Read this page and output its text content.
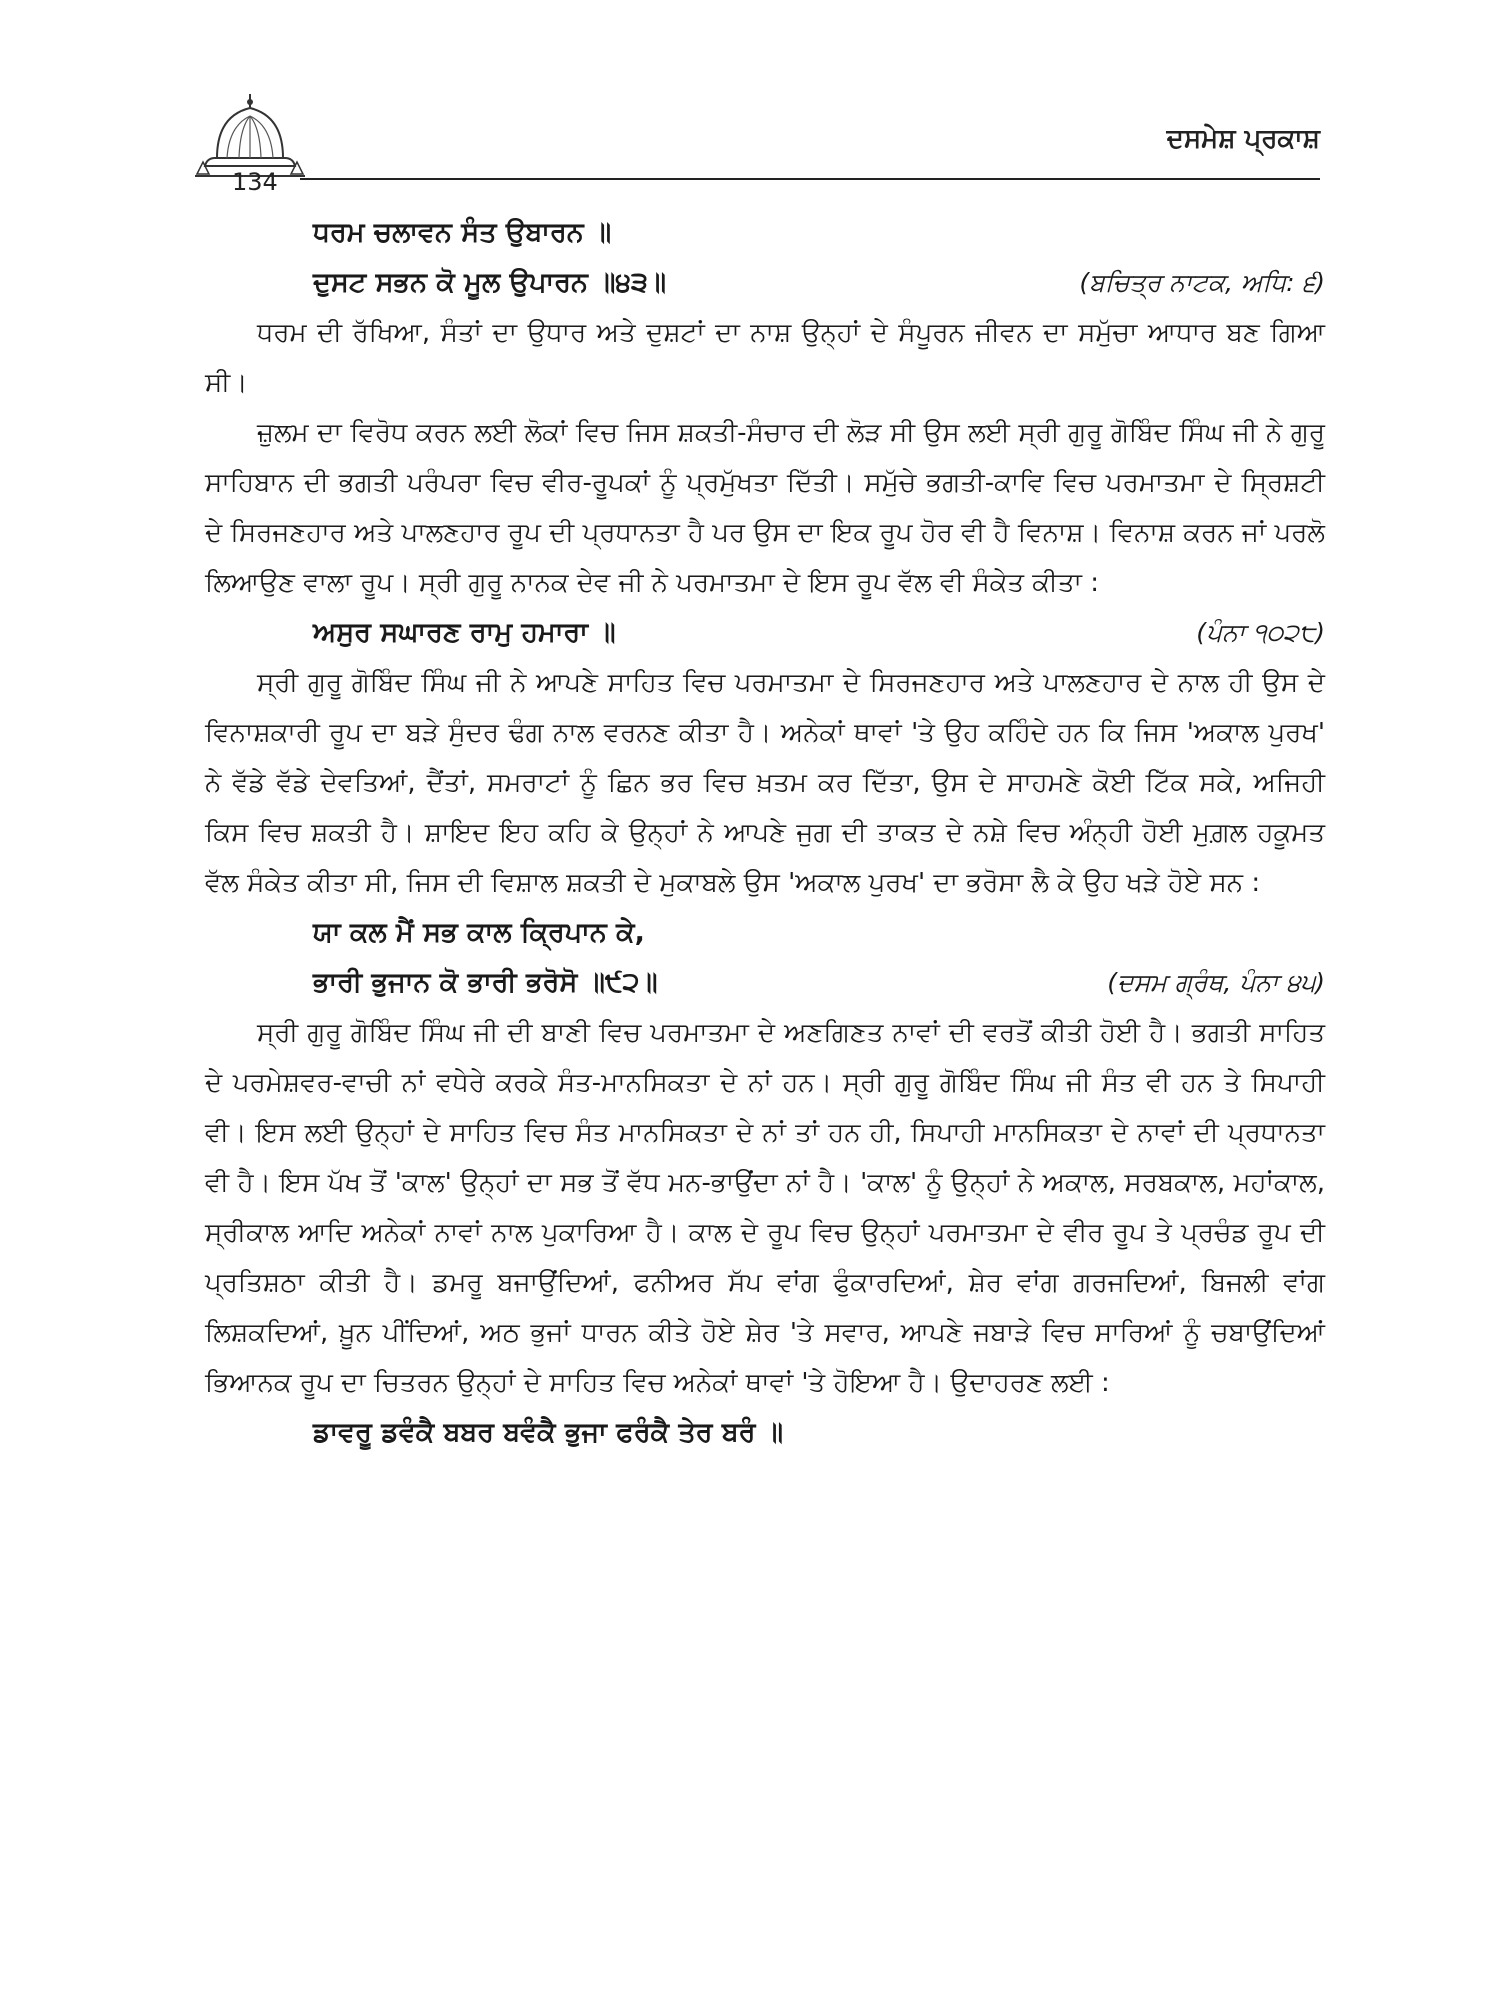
134
ਦਸਮੇਸ਼ ਪ੍ਰਕਾਸ਼
ਧਰਮ ਚਲਾਵਨ ਸੰਤ ਉਬਾਰਨ ॥
ਦੁਸਟ ਸਭਨ ਕੋ ਮੂਲ ਉਪਾਰਨ ॥੪੩॥	(ਬਚਿਤ੍ਰ ਨਾਟਕ, ਅਧਿ: ੬)

ਧਰਮ ਦੀ ਰੱਖਿਆ, ਸੰਤਾਂ ਦਾ ਉਧਾਰ ਅਤੇ ਦੁਸ਼ਟਾਂ ਦਾ ਨਾਸ਼ ਉਨ੍ਹਾਂ ਦੇ ਸੰਪੂਰਨ ਜੀਵਨ ਦਾ ਸਮੁੱਚਾ ਆਧਾਰ ਬਣ ਗਿਆ ਸੀ।

ਜ਼ੁਲਮ ਦਾ ਵਿਰੋਧ ਕਰਨ ਲਈ ਲੋਕਾਂ ਵਿਚ ਜਿਸ ਸ਼ਕਤੀ-ਸੰਚਾਰ ਦੀ ਲੋੜ ਸੀ ਉਸ ਲਈ ਸ੍ਰੀ ਗੁਰੂ ਗੋਬਿੰਦ ਸਿੰਘ ਜੀ ਨੇ ਗੁਰੂ ਸਾਹਿਬਾਨ ਦੀ ਭਗਤੀ ਪਰੰਪਰਾ ਵਿਚ ਵੀਰ-ਰੂਪਕਾਂ ਨੂੰ ਪ੍ਰਮੁੱਖਤਾ ਦਿੱਤੀ। ਸਮੁੱਚੇ ਭਗਤੀ-ਕਾਵਿ ਵਿਚ ਪਰਮਾਤਮਾ ਦੇ ਸ੍ਰਿਸ਼ਟੀ ਦੇ ਸਿਰਜਣਹਾਰ ਅਤੇ ਪਾਲਣਹਾਰ ਰੂਪ ਦੀ ਪ੍ਰਧਾਨਤਾ ਹੈ ਪਰ ਉਸ ਦਾ ਇਕ ਰੂਪ ਹੋਰ ਵੀ ਹੈ ਵਿਨਾਸ਼। ਵਿਨਾਸ਼ ਕਰਨ ਜਾਂ ਪਰਲੋ ਲਿਆਉਣ ਵਾਲਾ ਰੂਪ। ਸ੍ਰੀ ਗੁਰੂ ਨਾਨਕ ਦੇਵ ਜੀ ਨੇ ਪਰਮਾਤਮਾ ਦੇ ਇਸ ਰੂਪ ਵੱਲ ਵੀ ਸੰਕੇਤ ਕੀਤਾ :

ਅਸੁਰ ਸਘਾਰਣ ਰਾਮੁ ਹਮਾਰਾ ॥	(ਪੰਨਾ ੧੦੨੮)

ਸ੍ਰੀ ਗੁਰੂ ਗੋਬਿੰਦ ਸਿੰਘ ਜੀ ਨੇ ਆਪਣੇ ਸਾਹਿਤ ਵਿਚ ਪਰਮਾਤਮਾ ਦੇ ਸਿਰਜਣਹਾਰ ਅਤੇ ਪਾਲਣਹਾਰ ਦੇ ਨਾਲ ਹੀ ਉਸ ਦੇ ਵਿਨਾਸ਼ਕਾਰੀ ਰੂਪ ਦਾ ਬੜੇ ਸੁੰਦਰ ਢੰਗ ਨਾਲ ਵਰਨਣ ਕੀਤਾ ਹੈ। ਅਨੇਕਾਂ ਥਾਵਾਂ 'ਤੇ ਉਹ ਕਹਿੰਦੇ ਹਨ ਕਿ ਜਿਸ 'ਅਕਾਲ ਪੁਰਖ' ਨੇ ਵੱਡੇ ਵੱਡੇ ਦੇਵਤਿਆਂ, ਦੈਂਤਾਂ, ਸਮਰਾਟਾਂ ਨੂੰ ਛਿਨ ਭਰ ਵਿਚ ਖ਼ਤਮ ਕਰ ਦਿੱਤਾ, ਉਸ ਦੇ ਸਾਹਮਣੇ ਕੋਈ ਟਿੱਕ ਸਕੇ, ਅਜਿਹੀ ਕਿਸ ਵਿਚ ਸ਼ਕਤੀ ਹੈ। ਸ਼ਾਇਦ ਇਹ ਕਹਿ ਕੇ ਉਨ੍ਹਾਂ ਨੇ ਆਪਣੇ ਜੁਗ ਦੀ ਤਾਕਤ ਦੇ ਨਸ਼ੇ ਵਿਚ ਅੰਨ੍ਹੀ ਹੋਈ ਮੁਗ਼ਲ ਹਕੂਮਤ ਵੱਲ ਸੰਕੇਤ ਕੀਤਾ ਸੀ, ਜਿਸ ਦੀ ਵਿਸ਼ਾਲ ਸ਼ਕਤੀ ਦੇ ਮੁਕਾਬਲੇ ਉਸ 'ਅਕਾਲ ਪੁਰਖ' ਦਾ ਭਰੋਸਾ ਲੈ ਕੇ ਉਹ ਖੜੇ ਹੋਏ ਸਨ :

ਯਾ ਕਲ ਮੈਂ ਸਭ ਕਾਲ ਕ੍ਰਿਪਾਨ ਕੇ,
ਭਾਰੀ ਭੁਜਾਨ ਕੋ ਭਾਰੀ ਭਰੋਸੋ ॥੯੨॥	(ਦਸਮ ਗ੍ਰੰਥ, ਪੰਨਾ ੪੫)

ਸ੍ਰੀ ਗੁਰੂ ਗੋਬਿੰਦ ਸਿੰਘ ਜੀ ਦੀ ਬਾਣੀ ਵਿਚ ਪਰਮਾਤਮਾ ਦੇ ਅਣਗਿਣਤ ਨਾਵਾਂ ਦੀ ਵਰਤੋਂ ਕੀਤੀ ਹੋਈ ਹੈ। ਭਗਤੀ ਸਾਹਿਤ ਦੇ ਪਰਮੇਸ਼ਵਰ-ਵਾਚੀ ਨਾਂ ਵਧੇਰੇ ਕਰਕੇ ਸੰਤ-ਮਾਨਸਿਕਤਾ ਦੇ ਨਾਂ ਹਨ। ਸ੍ਰੀ ਗੁਰੂ ਗੋਬਿੰਦ ਸਿੰਘ ਜੀ ਸੰਤ ਵੀ ਹਨ ਤੇ ਸਿਪਾਹੀ ਵੀ। ਇਸ ਲਈ ਉਨ੍ਹਾਂ ਦੇ ਸਾਹਿਤ ਵਿਚ ਸੰਤ ਮਾਨਸਿਕਤਾ ਦੇ ਨਾਂ ਤਾਂ ਹਨ ਹੀ, ਸਿਪਾਹੀ ਮਾਨਸਿਕਤਾ ਦੇ ਨਾਵਾਂ ਦੀ ਪ੍ਰਧਾਨਤਾ ਵੀ ਹੈ। ਇਸ ਪੱਖ ਤੋਂ 'ਕਾਲ' ਉਨ੍ਹਾਂ ਦਾ ਸਭ ਤੋਂ ਵੱਧ ਮਨ-ਭਾਉਂਦਾ ਨਾਂ ਹੈ। 'ਕਾਲ' ਨੂੰ ਉਨ੍ਹਾਂ ਨੇ ਅਕਾਲ, ਸਰਬਕਾਲ, ਮਹਾਂਕਾਲ, ਸ੍ਰੀਕਾਲ ਆਦਿ ਅਨੇਕਾਂ ਨਾਵਾਂ ਨਾਲ ਪੁਕਾਰਿਆ ਹੈ। ਕਾਲ ਦੇ ਰੂਪ ਵਿਚ ਉਨ੍ਹਾਂ ਪਰਮਾਤਮਾ ਦੇ ਵੀਰ ਰੂਪ ਤੇ ਪ੍ਰਚੰਡ ਰੂਪ ਦੀ ਪ੍ਰਤਿਸ਼ਠਾ ਕੀਤੀ ਹੈ। ਡਮਰੂ ਬਜਾਉਂਦਿਆਂ, ਫਨੀਅਰ ਸੱਪ ਵਾਂਗ ਫੁੰਕਾਰਦਿਆਂ, ਸ਼ੇਰ ਵਾਂਗ ਗਰਜਦਿਆਂ, ਬਿਜਲੀ ਵਾਂਗ ਲਿਸ਼ਕਦਿਆਂ, ਖ਼ੂਨ ਪੀਂਦਿਆਂ, ਅਠ ਭੁਜਾਂ ਧਾਰਨ ਕੀਤੇ ਹੋਏ ਸ਼ੇਰ 'ਤੇ ਸਵਾਰ, ਆਪਣੇ ਜਬਾੜੇ ਵਿਚ ਸਾਰਿਆਂ ਨੂੰ ਚਬਾਉਂਦਿਆਂ ਭਿਆਨਕ ਰੂਪ ਦਾ ਚਿਤਰਨ ਉਨ੍ਹਾਂ ਦੇ ਸਾਹਿਤ ਵਿਚ ਅਨੇਕਾਂ ਥਾਵਾਂ 'ਤੇ ਹੋਇਆ ਹੈ। ਉਦਾਹਰਣ ਲਈ :

ਡਾਵਰੂ ਡਵੰਕੈ ਬਬਰ ਬਵੰਕੈ ਭੁਜਾ ਫਰੰਕੈ ਤੇਰ ਬਰੰ ॥
